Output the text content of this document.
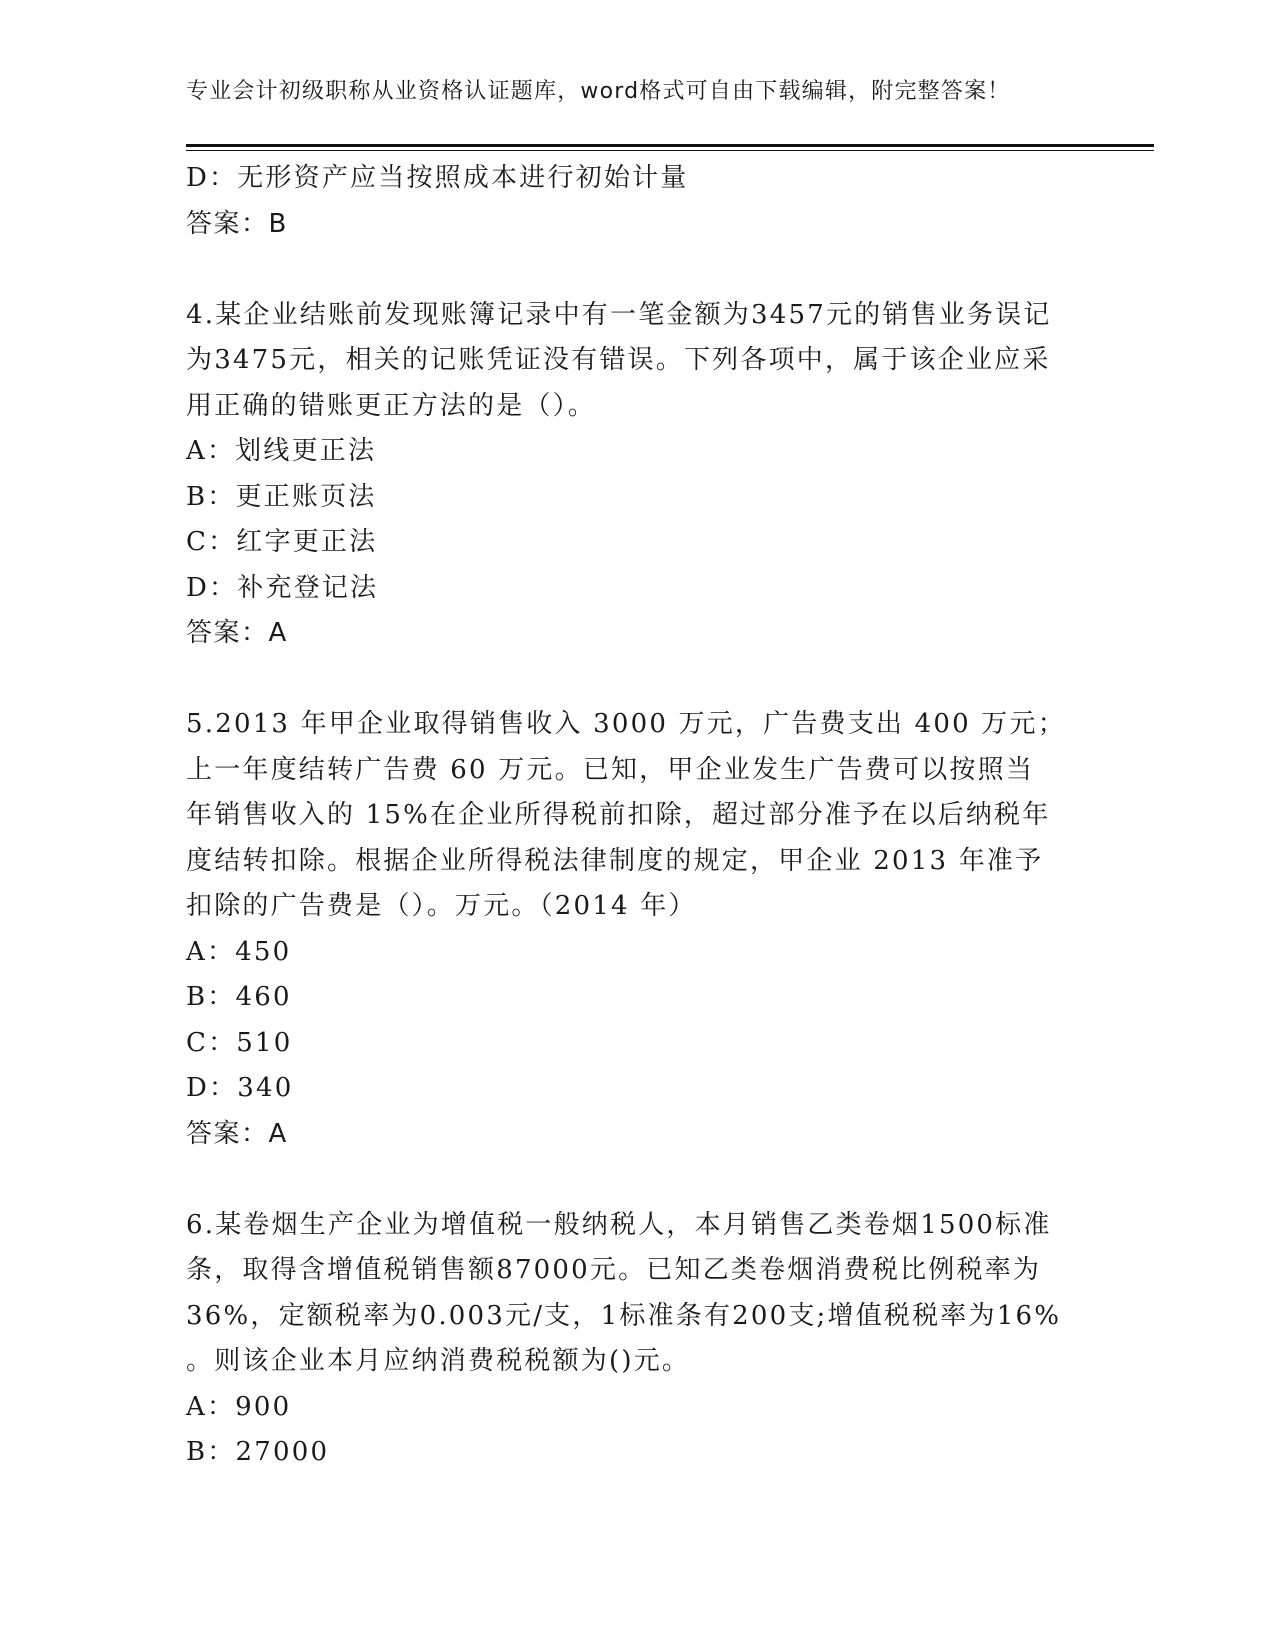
专业会计初级职称从业资格认证题库，word格式可自由下载编辑，附完整答案！
D：无形资产应当按照成本进行初始计量
答案：B
4.某企业结账前发现账簿记录中有一笔金额为3457元的销售业务误记
为3475元，相关的记账凭证没有错误。下列各项中，属于该企业应采
用正确的错账更正方法的是（）。
A：划线更正法
B：更正账页法
C：红字更正法
D：补充登记法
答案：A
5.2013 年甲企业取得销售收入 3000 万元，广告费支出 400 万元；
上一年度结转广告费 60 万元。已知，甲企业发生广告费可以按照当
年销售收入的 15%在企业所得税前扣除，超过部分准予在以后纳税年
度结转扣除。根据企业所得税法律制度的规定，甲企业 2013 年准予
扣除的广告费是（）。万元。（2014 年）
A：450
B：460
C：510
D：340
答案：A
6.某卷烟生产企业为增值税一般纳税人，本月销售乙类卷烟1500标准
条，取得含增值税销售额87000元。已知乙类卷烟消费税比例税率为
36%，定额税率为0.003元/支，1标准条有200支;增值税税率为16%
。则该企业本月应纳消费税税额为()元。
A：900
B：27000
